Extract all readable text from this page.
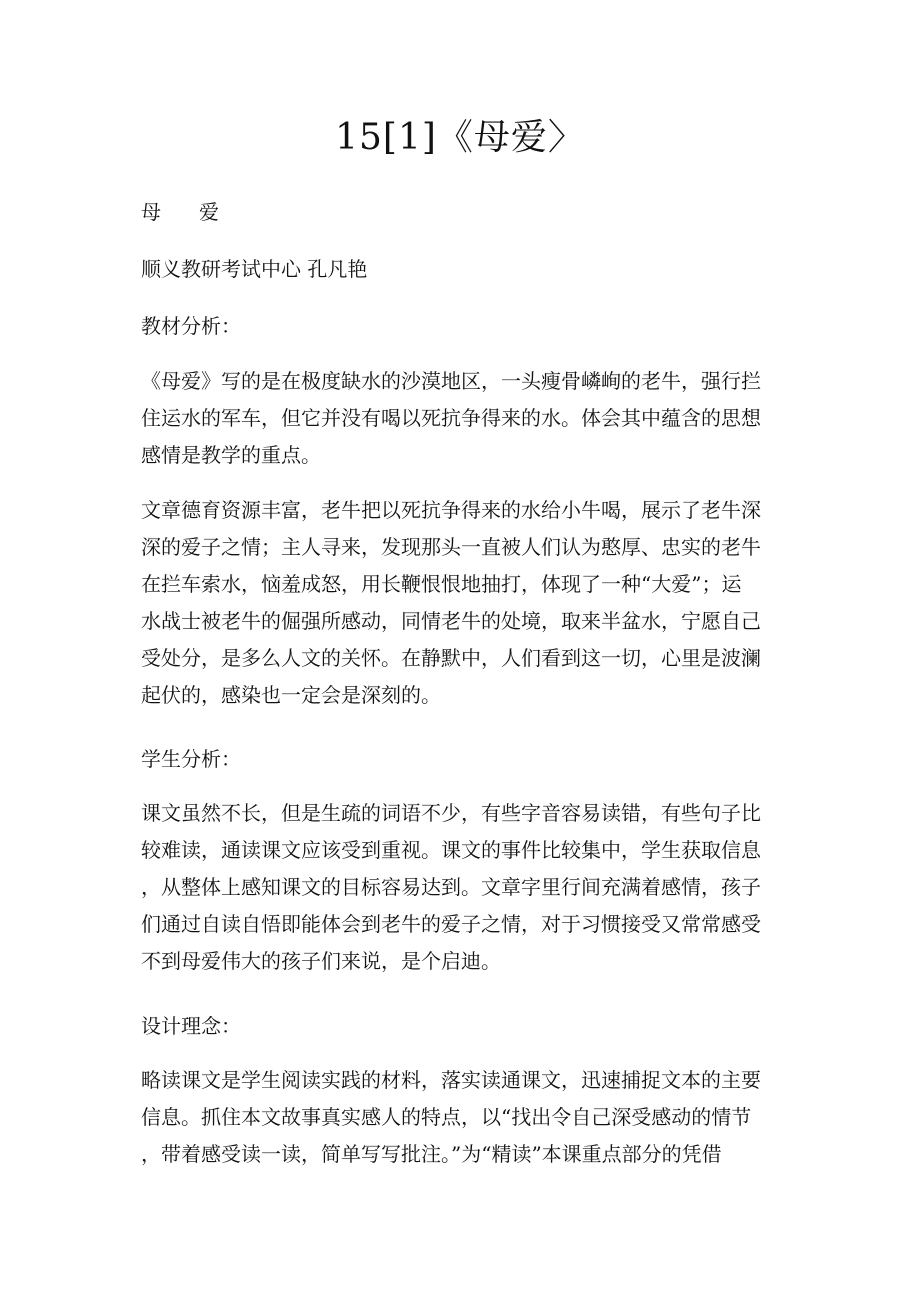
15[1]《母爱〉

母 爱

顺义教研考试中心 孔凡艳

教材分析：

《母爱》写的是在极度缺水的沙漠地区，一头瘦骨嶙峋的老牛，强行拦

住运水的军车，但它并没有喝以死抗争得来的水。体会其中蕴含的思想

感情是教学的重点。

文章德育资源丰富，老牛把以死抗争得来的水给小牛喝，展示了老牛深

深的爱子之情；主人寻来，发现那头一直被人们认为憨厚、忠实的老牛

在拦车索水，恼羞成怒，用长鞭恨恨地抽打，体现了一种“大爱”；运

水战士被老牛的倔强所感动，同情老牛的处境，取来半盆水，宁愿自己

受处分，是多么人文的关怀。在静默中，人们看到这一切，心里是波澜

起伏的，感染也一定会是深刻的。

学生分析：

课文虽然不长，但是生疏的词语不少，有些字音容易读错，有些句子比

较难读，通读课文应该受到重视。课文的事件比较集中，学生获取信息

，从整体上感知课文的目标容易达到。文章字里行间充满着感情，孩子

们通过自读自悟即能体会到老牛的爱子之情，对于习惯接受又常常感受

不到母爱伟大的孩子们来说，是个启迪。

设计理念：

略读课文是学生阅读实践的材料，落实读通课文，迅速捕捉文本的主要

信息。抓住本文故事真实感人的特点，以“找出令自己深受感动的情节

，带着感受读一读，简单写写批注。”为“精读”本课重点部分的凭借
